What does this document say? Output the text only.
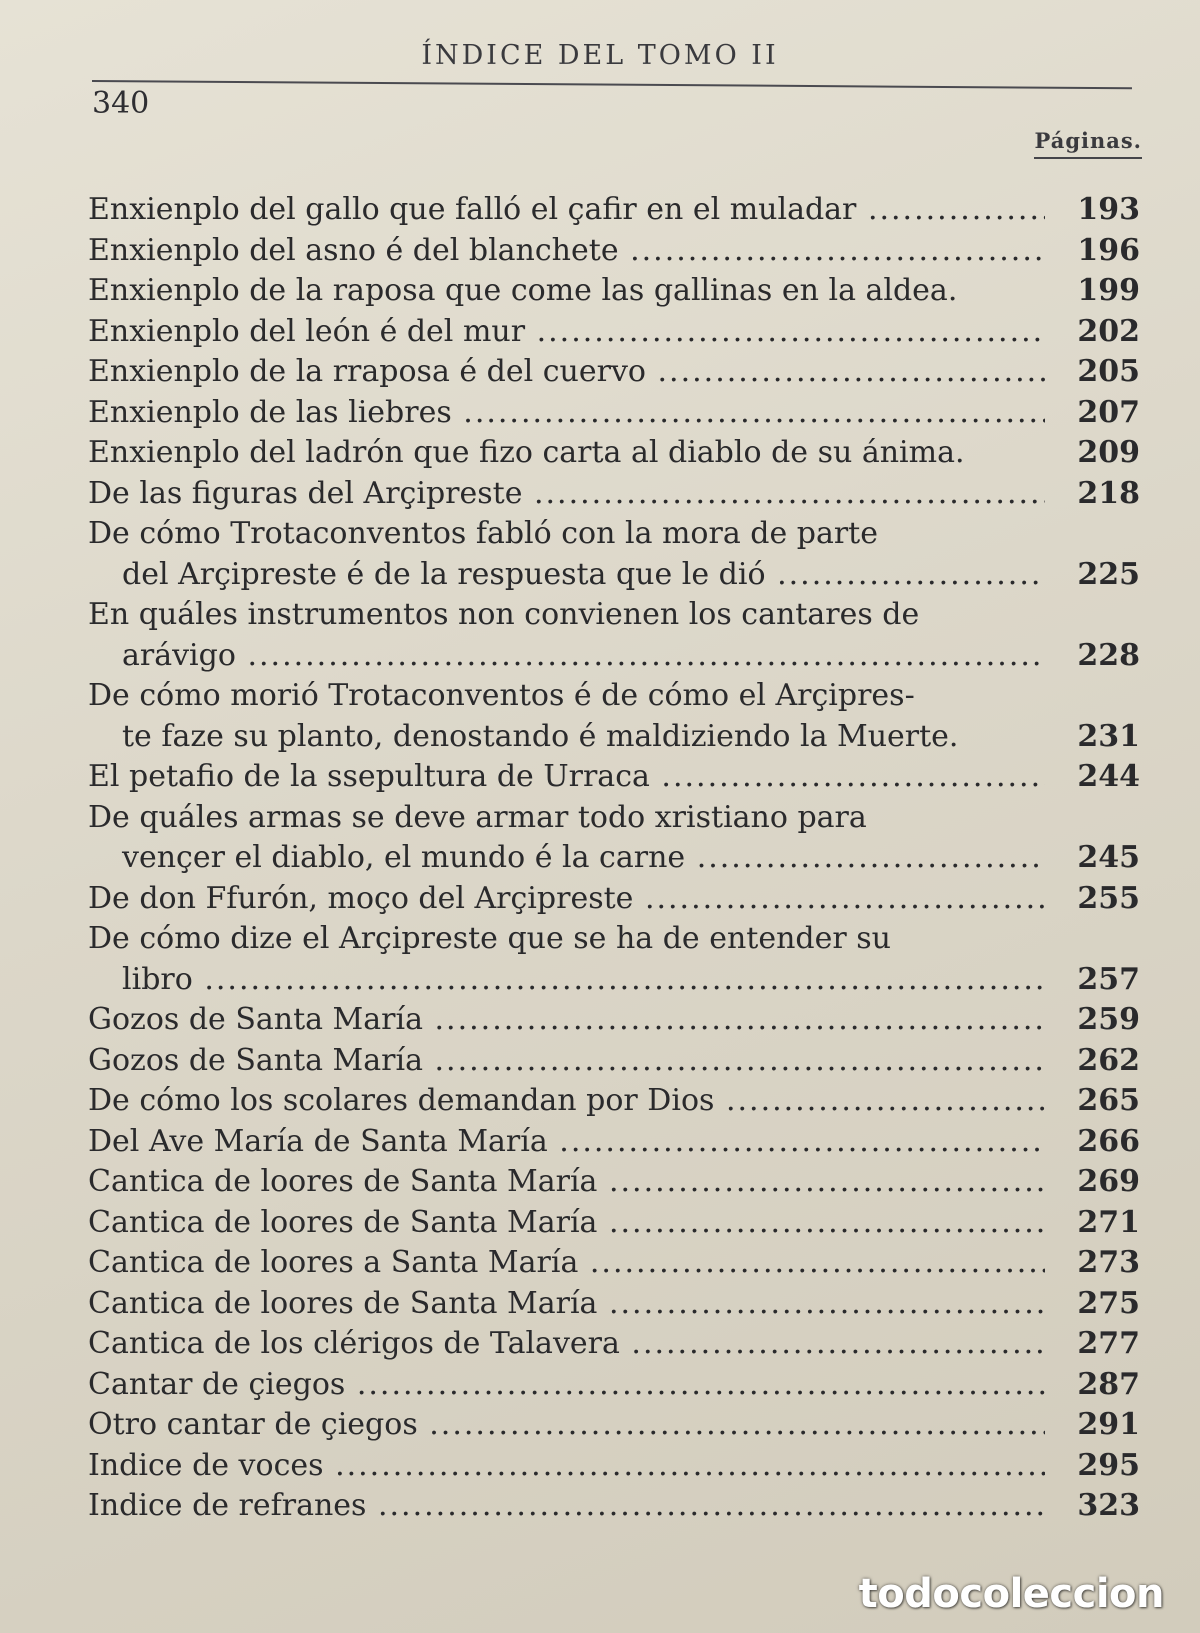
ÍNDICE DEL TOMO II
340
Páginas.
Enxienplo del gallo que falló el çafir en el muladar .....	193
Enxienplo del asno é del blanchete .....	196
Enxienplo de la raposa que come las gallinas en la aldea.	199
Enxienplo del león é del mur .....	202
Enxienplo de la rraposa é del cuervo .....	205
Enxienplo de las liebres .....	207
Enxienplo del ladrón que fizo carta al diablo de su ánima.	209
De las figuras del Arçipreste .....	218
De cómo Trotaconventos fabló con la mora de parte
del Arçipreste é de la respuesta que le dió .....	225
En quáles instrumentos non convienen los cantares de
arávigo .....	228
De cómo morió Trotaconventos é de cómo el Arçipres-
te faze su planto, denostando é maldiziendo la Muerte.	231
El petafio de la ssepultura de Urraca .....	244
De quáles armas se deve armar todo xristiano para
vençer el diablo, el mundo é la carne .....	245
De don Ffurón, moço del Arçipreste .....	255
De cómo dize el Arçipreste que se ha de entender su
libro .....	257
Gozos de Santa María .....	259
Gozos de Santa María .....	262
De cómo los scolares demandan por Dios .....	265
Del Ave María de Santa María .....	266
Cantica de loores de Santa María .....	269
Cantica de loores de Santa María .....	271
Cantica de loores a Santa María .....	273
Cantica de loores de Santa María .....	275
Cantica de los clérigos de Talavera .....	277
Cantar de çiegos .....	287
Otro cantar de çiegos .....	291
Indice de voces .....	295
Indice de refranes .....	323
todocoleccion
